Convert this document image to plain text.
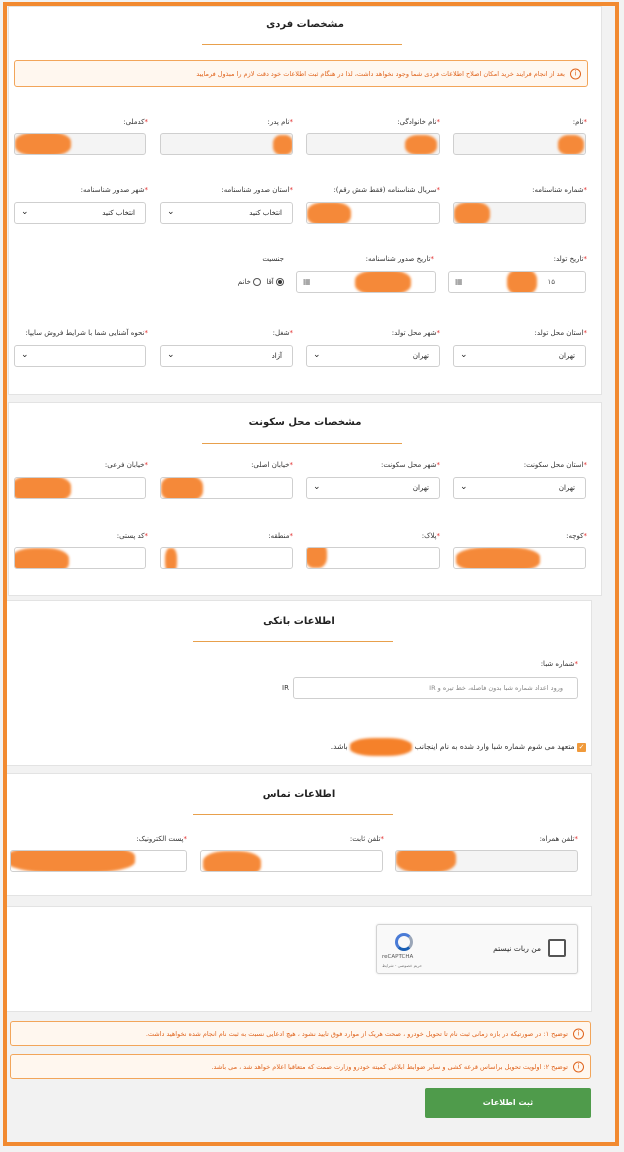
مشخصات فردی
i
بعد از انجام فرایند خرید امکان اصلاح اطلاعات فردی شما وجود نخواهد داشت، لذا در هنگام ثبت اطلاعات خود دقت لازم را مبذول فرمایید
*نام:
*نام خانوادگی:
*نام پدر:
*کدملی:
*شماره شناسنامه:
*سریال شناسنامه (فقط شش رقم):
*استان صدور شناسنامه:
انتخاب کنید
⌄
*شهر صدور شناسنامه:
انتخاب کنید
⌄
*تاریخ تولد:
▦	۱۵
*تاریخ صدور شناسنامه:
▦
جنسیت
آقا  خانم
*استان محل تولد:
تهران
⌄
*شهر محل تولد:
تهران
⌄
*شغل:
آزاد
⌄
*نحوه آشنایی شما با شرایط فروش سایپا:
⌄
مشخصات محل سکونت
*استان محل سکونت:
تهران
⌄
*شهر محل سکونت:
تهران
⌄
*خیابان اصلی:
*خیابان فرعی:
*کوچه:
*پلاک:
*منطقه:
*کد پستی:
اطلاعات بانکی
*شماره شبا:
ورود اعداد شماره شبا بدون فاصله، خط تیره و IR
IR
✓ متعهد می شوم شماره شبا وارد شده به نام اینجانب  باشد.
اطلاعات تماس
*تلفن همراه:
*تلفن ثابت:
*پست الکترونیک:
من ربات نیستم
reCAPTCHA
حریم خصوصی - شرایط
i
توضیح ۱: در صورتیکه در بازه زمانی ثبت نام تا تحویل خودرو ، صحت هریک از موارد فوق تایید نشود ، هیچ ادعایی نسبت به ثبت نام انجام شده نخواهید داشت.
i
توضیح ۲: اولویت تحویل براساس قرعه کشی و سایر ضوابط ابلاغی کمیته خودرو وزارت صمت که متعاقبا اعلام خواهد شد ، می باشد.
ثبت اطلاعات
